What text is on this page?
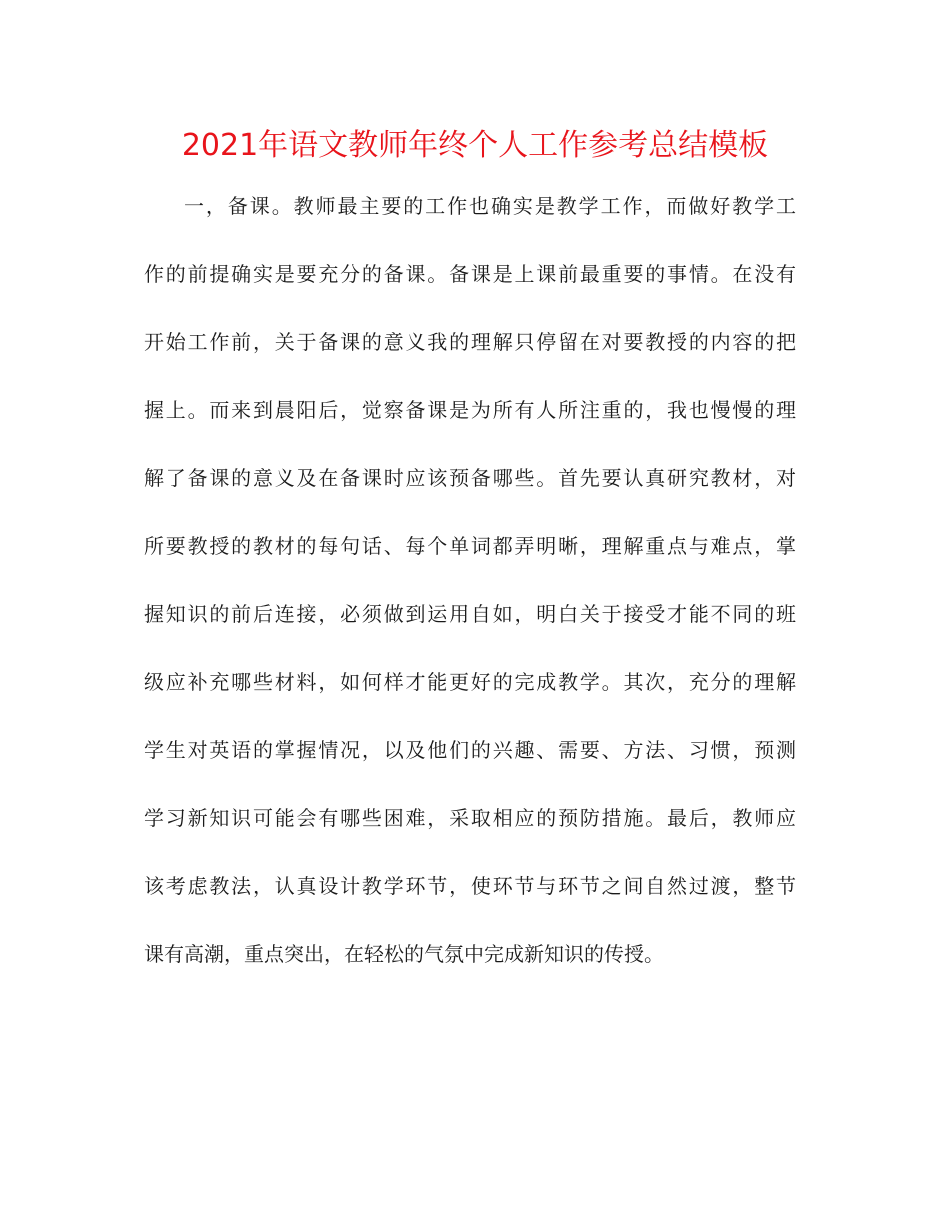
2021年语文教师年终个人工作参考总结模板
一，备课。教师最主要的工作也确实是教学工作，而做好教学工
作的前提确实是要充分的备课。备课是上课前最重要的事情。在没有
开始工作前，关于备课的意义我的理解只停留在对要教授的内容的把
握上。而来到晨阳后，觉察备课是为所有人所注重的，我也慢慢的理
解了备课的意义及在备课时应该预备哪些。首先要认真研究教材，对
所要教授的教材的每句话、每个单词都弄明晰，理解重点与难点，掌
握知识的前后连接，必须做到运用自如，明白关于接受才能不同的班
级应补充哪些材料，如何样才能更好的完成教学。其次，充分的理解
学生对英语的掌握情况，以及他们的兴趣、需要、方法、习惯，预测
学习新知识可能会有哪些困难，采取相应的预防措施。最后，教师应
该考虑教法，认真设计教学环节，使环节与环节之间自然过渡，整节
课有高潮，重点突出，在轻松的气氛中完成新知识的传授。
